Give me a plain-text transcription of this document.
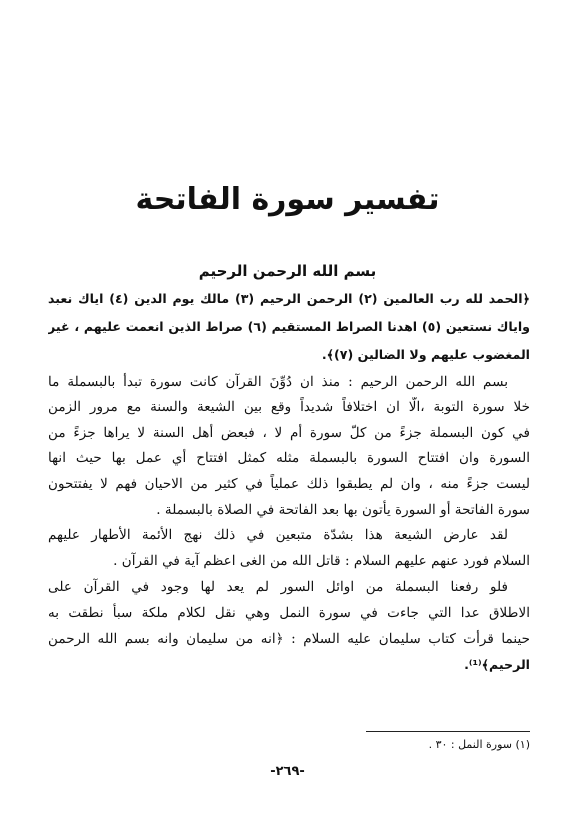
تفسير سورة الفاتحة
بسم الله الرحمن الرحيم
﴿الحمد لله رب العالمين (٢) الرحمن الرحيم (٣) مالك يوم الدين (٤) اياك نعبد
واياك نستعين (٥) اهدنا الصراط المستقيم (٦) صراط الذين انعمت عليهم ، غير
المغضوب عليهم ولا الضالين (٧)﴾.
بسم الله الرحمن الرحيم : منذ ان دُوِّنَ القرآن كانت سورة تبدأ بالبسملة ما
خلا سورة التوبة ،الّا ان اختلافاً شديداً وقع بين الشيعة والسنة مع مرور الزمن
في كون البسملة جزءً من كلّ سورة أم لا ، فبعض أهل السنة لا يراها جزءً من
السورة وان افتتاح السورة بالبسملة مثله كمثل افتتاح أي عمل بها حيث انها
ليست جزءً منه ، وان لم يطبقوا ذلك عملياً في كثير من الاحيان فهم لا يفتتحون
سورة الفاتحة أو السورة يأتون بها بعد الفاتحة في الصلاة بالبسملة .
لقد عارض الشيعة هذا بشدّة متبعين في ذلك نهج الأئمة الأطهار عليهم
السلام فورد عنهم عليهم السلام : قاتل الله من الغى اعظم آية في القرآن .
فلو رفعنا البسملة من اوائل السور لم يعد لها وجود في القرآن على
الاطلاق عدا التي جاءت في سورة النمل وهي نقل لكلام ملكة سبأ نطقت به
حينما قرأت كتاب سليمان عليه السلام : ﴿انه من سليمان وانه بسم الله الرحمن
الرحيم﴾⁽¹⁾.
(١) سورة النمل : ٣٠ .
-٢٦٩-
